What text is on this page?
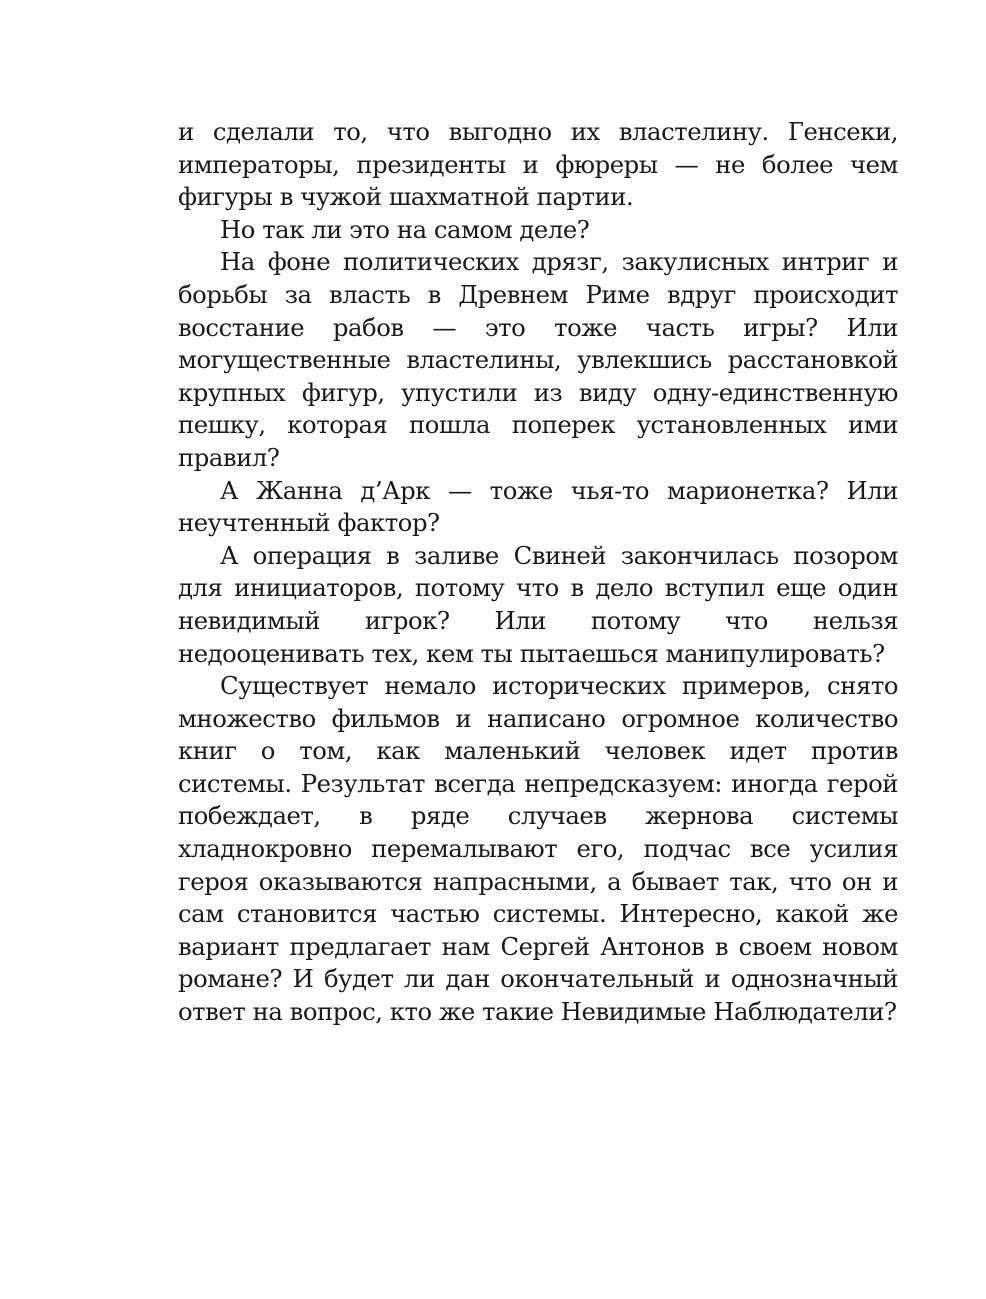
и сделали то, что выгодно их властелину. Генсеки, императоры, президенты и фюреры — не более чем фигуры в чужой шахматной партии.

Но так ли это на самом деле?

На фоне политических дрязг, закулисных интриг и борьбы за власть в Древнем Риме вдруг происходит восстание рабов — это тоже часть игры? Или могущественные властелины, увлекшись расстановкой крупных фигур, упустили из виду одну-единственную пешку, которая пошла поперек установленных ими правил?

А Жанна д’Арк — тоже чья-то марионетка? Или неучтенный фактор?

А операция в заливе Свиней закончилась позором для инициаторов, потому что в дело вступил еще один невидимый игрок? Или потому что нельзя недооценивать тех, кем ты пытаешься манипулировать?

Существует немало исторических примеров, снято множество фильмов и написано огромное количество книг о том, как маленький человек идет против системы. Результат всегда непредсказуем: иногда герой побеждает, в ряде случаев жернова системы хладнокровно перемалывают его, подчас все усилия героя оказываются напрасными, а бывает так, что он и сам становится частью системы. Интересно, какой же вариант предлагает нам Сергей Антонов в своем новом романе? И будет ли дан окончательный и однозначный ответ на вопрос, кто же такие Невидимые Наблюдатели?
